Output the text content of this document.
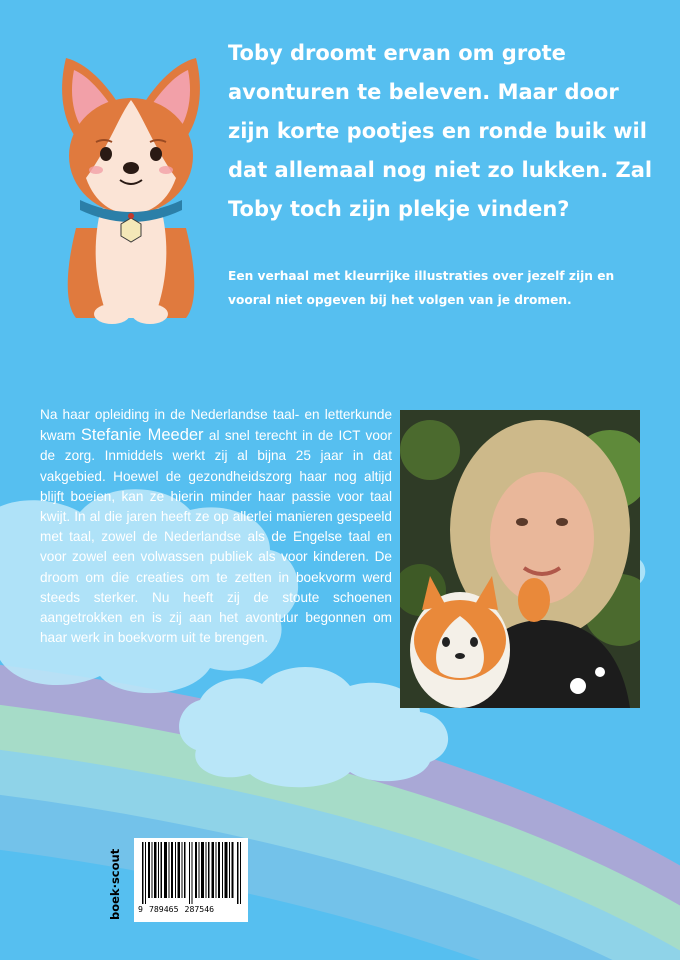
Toby droomt ervan om grote avonturen te beleven. Maar door zijn korte pootjes en ronde buik wil dat allemaal nog niet zo lukken. Zal Toby toch zijn plekje vinden?

Een verhaal met kleurrijke illustraties over jezelf zijn en vooral niet opgeven bij het volgen van je dromen.

Na haar opleiding in de Nederlandse taal- en letterkunde kwam Stefanie Meeder al snel terecht in de ICT voor de zorg. Inmiddels werkt zij al bijna 25 jaar in dat vakgebied. Hoewel de gezondheidszorg haar nog altijd blijft boeien, kan ze hierin minder haar passie voor taal kwijt. In al die jaren heeft ze op allerlei manieren gespeeld met taal, zowel de Nederlandse als de Engelse taal en voor zowel een volwassen publiek als voor kinderen. De droom om die creaties om te zetten in boekvorm werd steeds sterker. Nu heeft zij de stoute schoenen aangetrokken en is zij aan het avontuur begonnen om haar werk in boekvorm uit te brengen.

9 789465 287546

boek·scout
